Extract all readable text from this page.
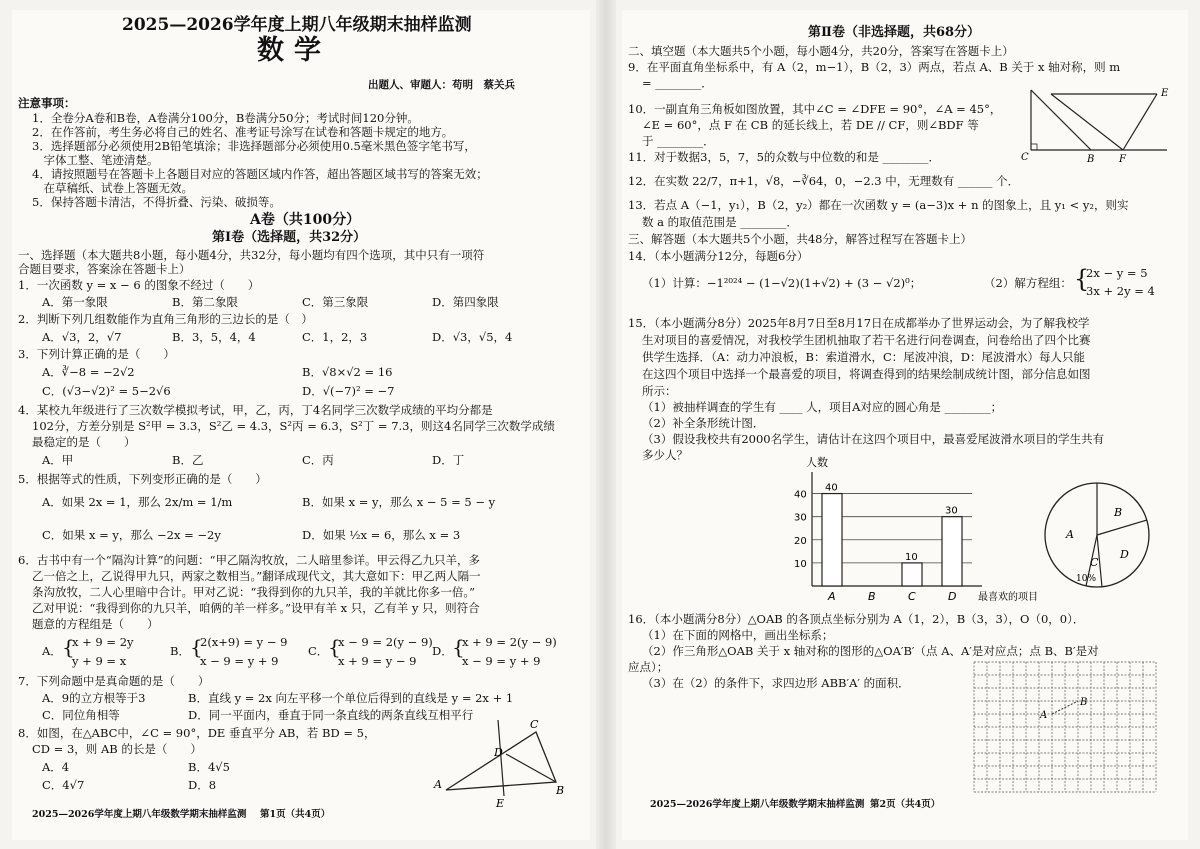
2025—2026学年度上期八年级期末抽样监测
数学
出题人、审题人：苟明　蔡关兵
注意事项：
1．全卷分A卷和B卷，A卷满分100分，B卷满分50分；考试时间120分钟。
2．在作答前，考生务必将自己的姓名、准考证号涂写在试卷和答题卡规定的地方。
3．选择题部分必须使用2B铅笔填涂；非选择题部分必须使用0.5毫米黑色签字笔书写，
　字体工整、笔迹清楚。
4．请按照题号在答题卡上各题目对应的答题区域内作答，超出答题区域书写的答案无效；
　在草稿纸、试卷上答题无效。
5．保持答题卡清洁，不得折叠、污染、破损等。
A卷（共100分）
第Ⅰ卷（选择题，共32分）
一、选择题（本大题共8小题，每小题4分，共32分，每小题均有四个选项，其中只有一项符
合题目要求，答案涂在答题卡上）
1．一次函数 y = x − 6 的图象不经过（　　）
A．第一象限	B．第二象限	C．第三象限	D．第四象限
2．判断下列几组数能作为直角三角形的三边长的是（　）
A．√3，2，√7	B．3，5，4，4	C．1，2，3	D．√3，√5，4
3．下列计算正确的是（　　）
A．∛−8 = −2√2	B．√8×√2 = 16
C．(√3−√2)² = 5−2√6	D．√(−7)² = −7
4．某校九年级进行了三次数学模拟考试，甲，乙，丙，丁4名同学三次数学成绩的平均分都是
102分，方差分别是 S²甲 = 3.3，S²乙 = 4.3，S²丙 = 6.3，S²丁 = 7.3，则这4名同学三次数学成绩
最稳定的是（　　）
A．甲	B．乙	C．丙	D．丁
5．根据等式的性质，下列变形正确的是（　　）
A．如果 2x = 1，那么 2x/m = 1/m	B．如果 x = y，那么 x − 5 = 5 − y
C．如果 x = y，那么 −2x = −2y	D．如果 ½x = 6，那么 x = 3
6．古书中有一个“隔沟计算”的问题：“甲乙隔沟牧放，二人暗里参详。甲云得乙九只羊，多
乙一倍之上，乙说得甲九只，两家之数相当。”翻译成现代文，其大意如下：甲乙两人隔一
条沟放牧，二人心里暗中合计。甲对乙说：“我得到你的九只羊，我的羊就比你多一倍。”
乙对甲说：“我得到你的九只羊，咱俩的羊一样多。”设甲有羊 x 只，乙有羊 y 只，则符合
题意的方程组是（　　）
A． {
x + 9 = 2y
y + 9 = x
B． {
2(x+9) = y − 9
x − 9 = y + 9
C． {
x − 9 = 2(y − 9)
x + 9 = y − 9
D． {
x + 9 = 2(y − 9)
x − 9 = y + 9
7．下列命题中是真命题的是（　　）
A．9的立方根等于3	B．直线 y = 2x 向左平移一个单位后得到的直线是 y = 2x + 1
C．同位角相等	D．同一平面内，垂直于同一条直线的两条直线互相平行
8．如图，在△ABC中，∠C = 90°，DE 垂直平分 AB，若 BD = 5，
CD = 3，则 AB 的长是（　　）
A．4	B．4√5
C．4√7	D．8	A	B
C
D
E
2025—2026学年度上期八年级数学期末抽样监测 第1页（共4页）
第Ⅱ卷（非选择题，共68分）
二、填空题（本大题共5个小题，每小题4分，共20分，答案写在答题卡上）
9．在平面直角坐标系中，有 A（2，m−1），B（2，3）两点，若点 A、B 关于 x 轴对称，则 m
= ________．
10．一副直角三角板如图放置，其中∠C = ∠DFE = 90°，∠A = 45°，
∠E = 60°，点 F 在 CB 的延长线上，若 DE // CF，则∠BDF 等
于 ________．
C	F
B
E
11．对于数据3，5，7，5的众数与中位数的和是 ________．
12．在实数 22/7，π+1，√8，−∛64，0，−2.3 中，无理数有 ______ 个．
13．若点 A（−1，y₁），B（2，y₂）都在一次函数 y = (a−3)x + n 的图象上，且 y₁ < y₂，则实
数 a 的取值范围是 ________．
三、解答题（本大题共5个小题，共48分，解答过程写在答题卡上）
14．（本小题满分12分，每题6分）
（1）计算：−1²⁰²⁴ − (1−√2)(1+√2) + (3 − √2)⁰；	（2）解方程组： {
2x − y = 5
3x + 2y = 4
15．（本小题满分8分）2025年8月7日至8月17日在成都举办了世界运动会，为了解我校学
生对项目的喜爱情况，对我校学生团机抽取了若干名进行问卷调查，问卷给出了四个比赛
供学生选择．（A：动力冲浪板，B：索道滑水，C：尾波冲浪，D：尾波滑水）每人只能
在这四个项目中选择一个最喜爱的项目，将调查得到的结果绘制成统计图，部分信息如图
所示：
（1）被抽样调查的学生有 ____ 人，项目A对应的圆心角是 ________；
（2）补全条形统计图．
（3）假设我校共有2000名学生，请估计在这四个项目中，最喜爱尾波滑水项目的学生共有
多少人？
人数
最喜欢的项目
10
20
30
40
40
A	B
10
C
30
D
A
B
C
D
10%
16．（本小题满分8分）△OAB 的各顶点坐标分别为 A（1，2），B（3，3），O（0，0）．
（1）在下面的网格中，画出坐标系；
（2）作三角形△OAB 关于 x 轴对称的图形的△OA′B′（点 A、A′是对应点；点 B、B′是对
应点）；
（3）在（2）的条件下，求四边形 ABB′A′ 的面积．
A
B
2025—2026学年度上期八年级数学期末抽样监测 第2页（共4页）
